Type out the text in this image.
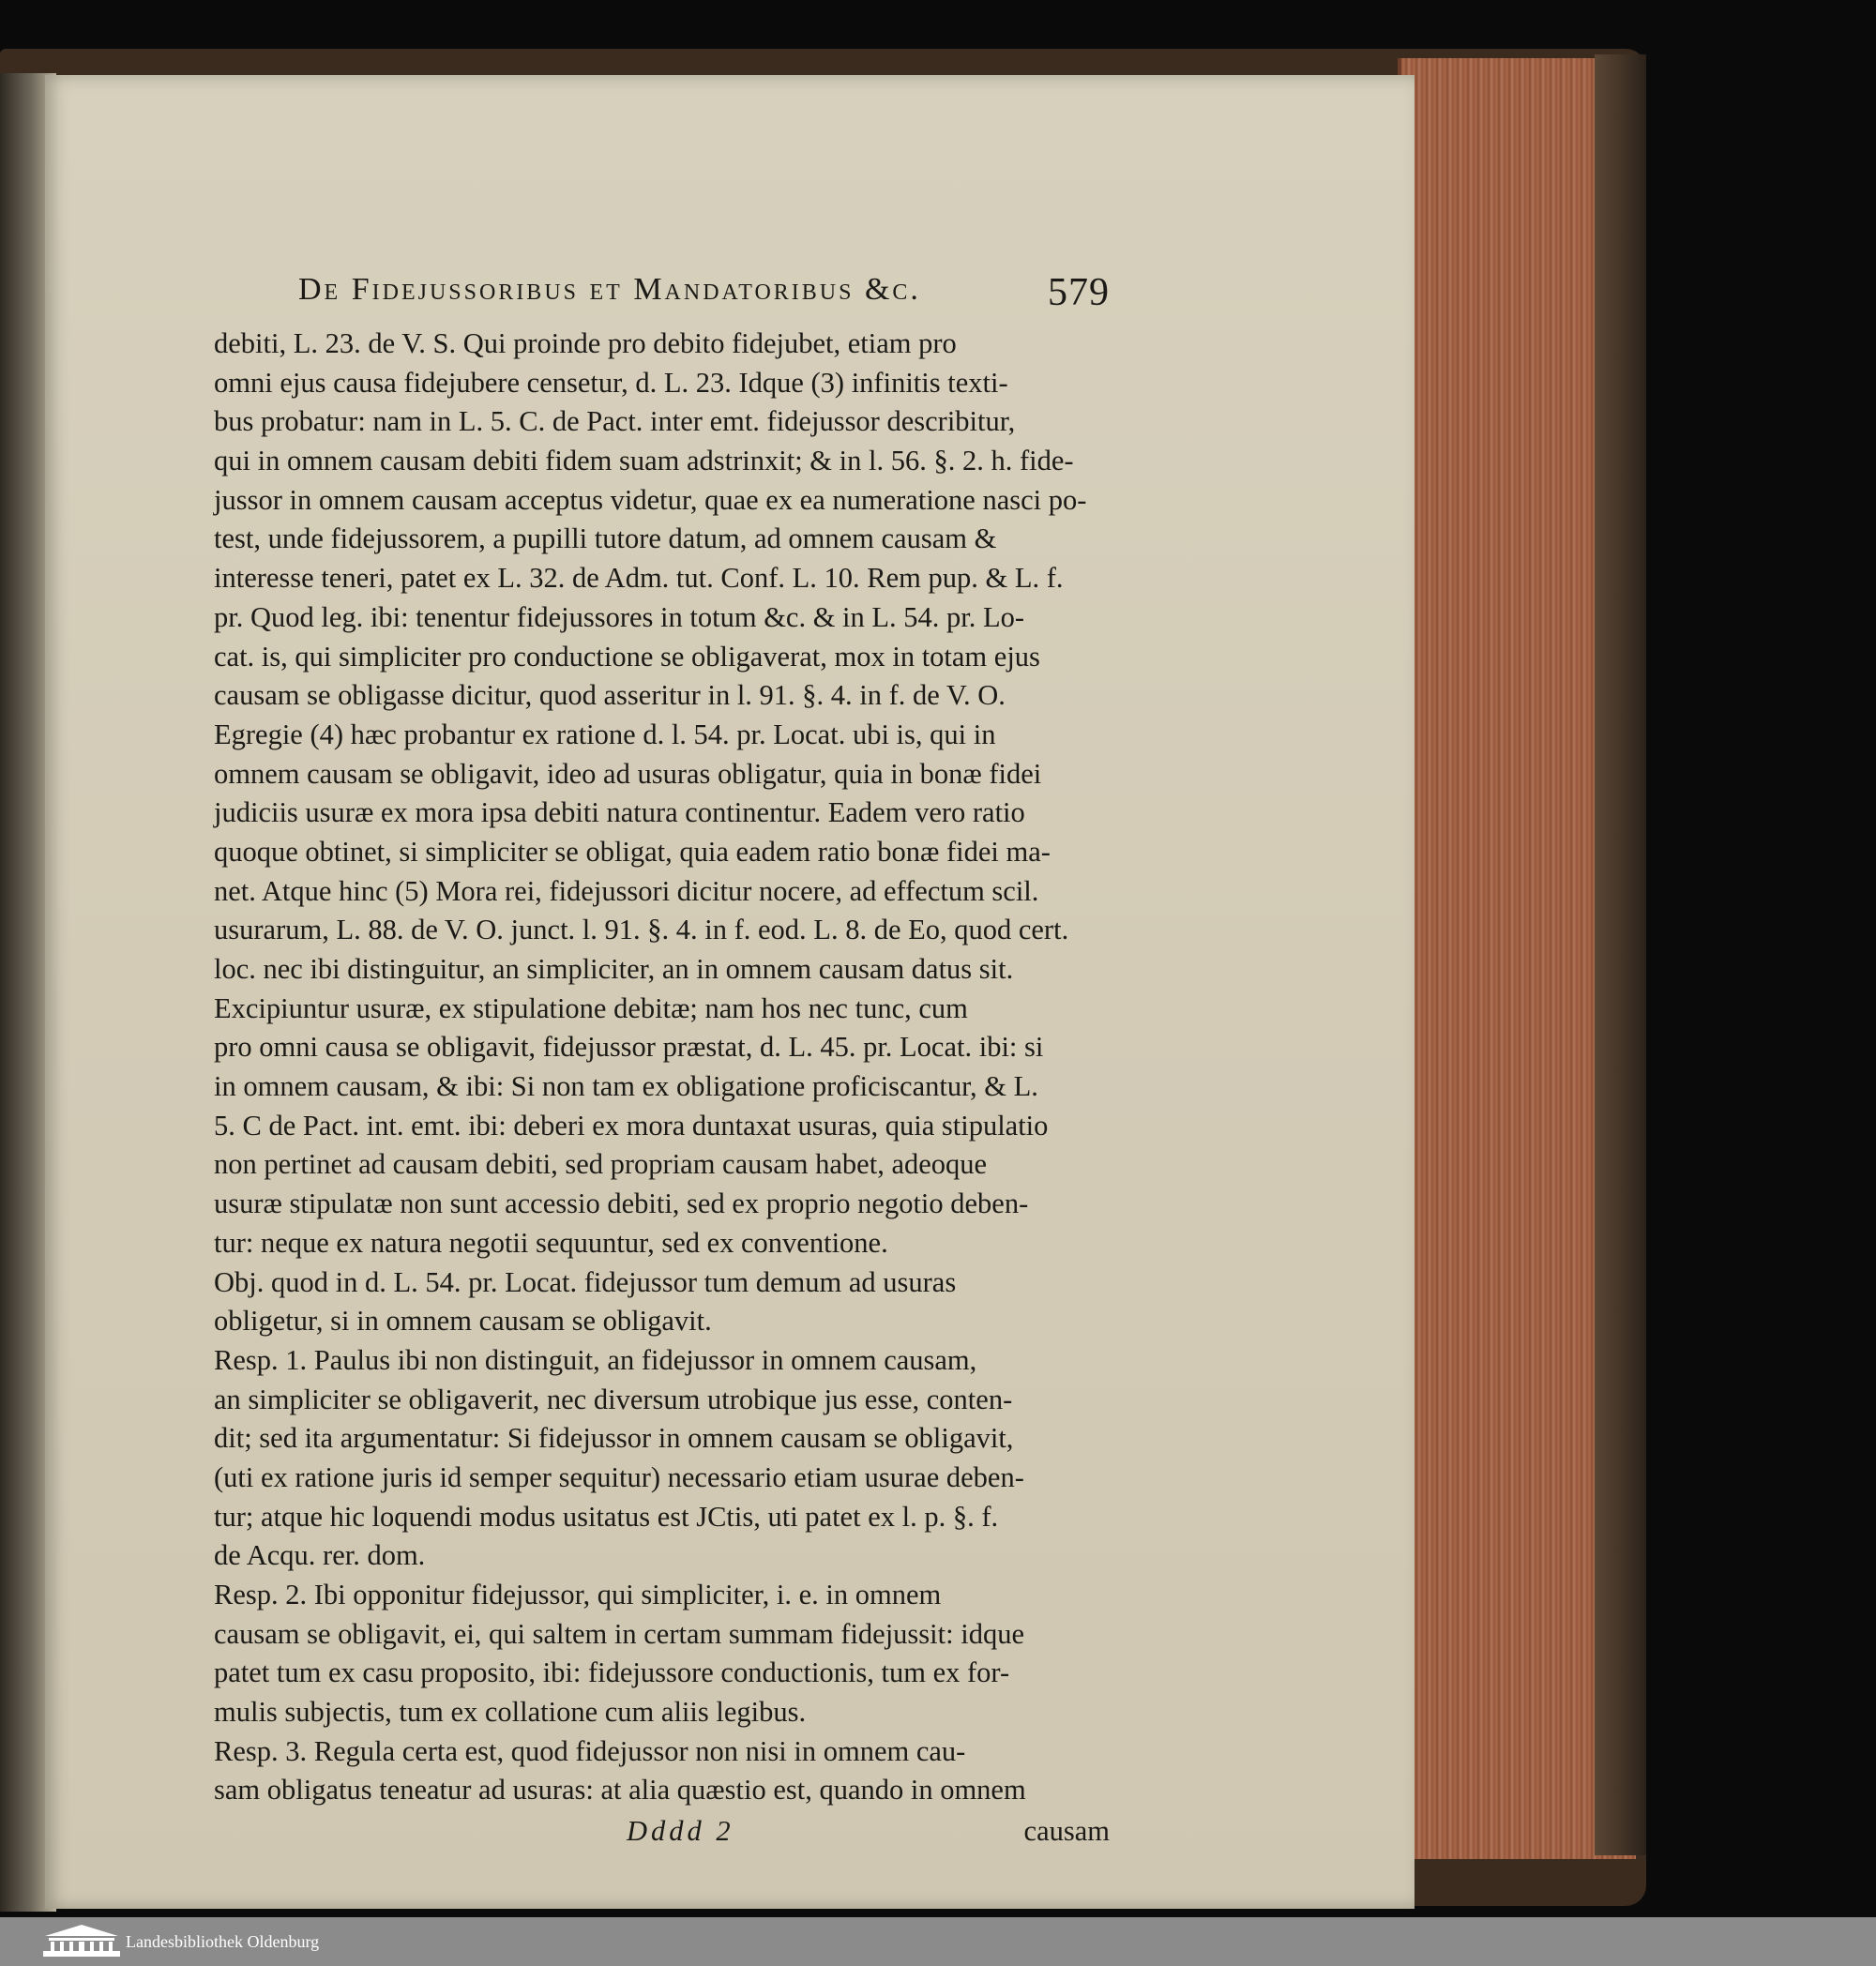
De Fidejussoribus et Mandatoribus &c.	579
debiti, L. 23. de V. S. Qui proinde pro debito fidejubet, etiam pro
omni ejus causa fidejubere censetur, d. L. 23. Idque (3) infinitis texti-
bus probatur: nam in L. 5. C. de Pact. inter emt. fidejussor describitur,
qui in omnem causam debiti fidem suam adstrinxit; & in l. 56. §. 2. h. fide-
jussor in omnem causam acceptus videtur, quae ex ea numeratione nasci po-
test, unde fidejussorem, a pupilli tutore datum, ad omnem causam &
interesse teneri, patet ex L. 32. de Adm. tut. Conf. L. 10. Rem pup. & L. f.
pr. Quod leg. ibi: tenentur fidejussores in totum &c. & in L. 54. pr. Lo-
cat. is, qui simpliciter pro conductione se obligaverat, mox in totam ejus
causam se obligasse dicitur, quod asseritur in l. 91. §. 4. in f. de V. O.
Egregie (4) hæc probantur ex ratione d. l. 54. pr. Locat. ubi is, qui in
omnem causam se obligavit, ideo ad usuras obligatur, quia in bonæ fidei
judiciis usuræ ex mora ipsa debiti natura continentur. Eadem vero ratio
quoque obtinet, si simpliciter se obligat, quia eadem ratio bonæ fidei ma-
net. Atque hinc (5) Mora rei, fidejussori dicitur nocere, ad effectum scil.
usurarum, L. 88. de V. O. junct. l. 91. §. 4. in f. eod. L. 8. de Eo, quod cert.
loc. nec ibi distinguitur, an simpliciter, an in omnem causam datus sit.
Excipiuntur usuræ, ex stipulatione debitæ; nam hos nec tunc, cum
pro omni causa se obligavit, fidejussor præstat, d. L. 45. pr. Locat. ibi: si
in omnem causam, & ibi: Si non tam ex obligatione proficiscantur, & L.
5. C de Pact. int. emt. ibi: deberi ex mora duntaxat usuras, quia stipulatio
non pertinet ad causam debiti, sed propriam causam habet, adeoque
usuræ stipulatæ non sunt accessio debiti, sed ex proprio negotio deben-
tur: neque ex natura negotii sequuntur, sed ex conventione.
Obj. quod in d. L. 54. pr. Locat. fidejussor tum demum ad usuras
obligetur, si in omnem causam se obligavit.
Resp. 1. Paulus ibi non distinguit, an fidejussor in omnem causam,
an simpliciter se obligaverit, nec diversum utrobique jus esse, conten-
dit; sed ita argumentatur: Si fidejussor in omnem causam se obligavit,
(uti ex ratione juris id semper sequitur) necessario etiam usurae deben-
tur; atque hic loquendi modus usitatus est JCtis, uti patet ex l. p. §. f.
de Acqu. rer. dom.
Resp. 2. Ibi opponitur fidejussor, qui simpliciter, i. e. in omnem
causam se obligavit, ei, qui saltem in certam summam fidejussit: idque
patet tum ex casu proposito, ibi: fidejussore conductionis, tum ex for-
mulis subjectis, tum ex collatione cum aliis legibus.
Resp. 3. Regula certa est, quod fidejussor non nisi in omnem cau-
sam obligatus teneatur ad usuras: at alia quæstio est, quando in omnem
Dddd 2	causam
Landesbibliothek Oldenburg
